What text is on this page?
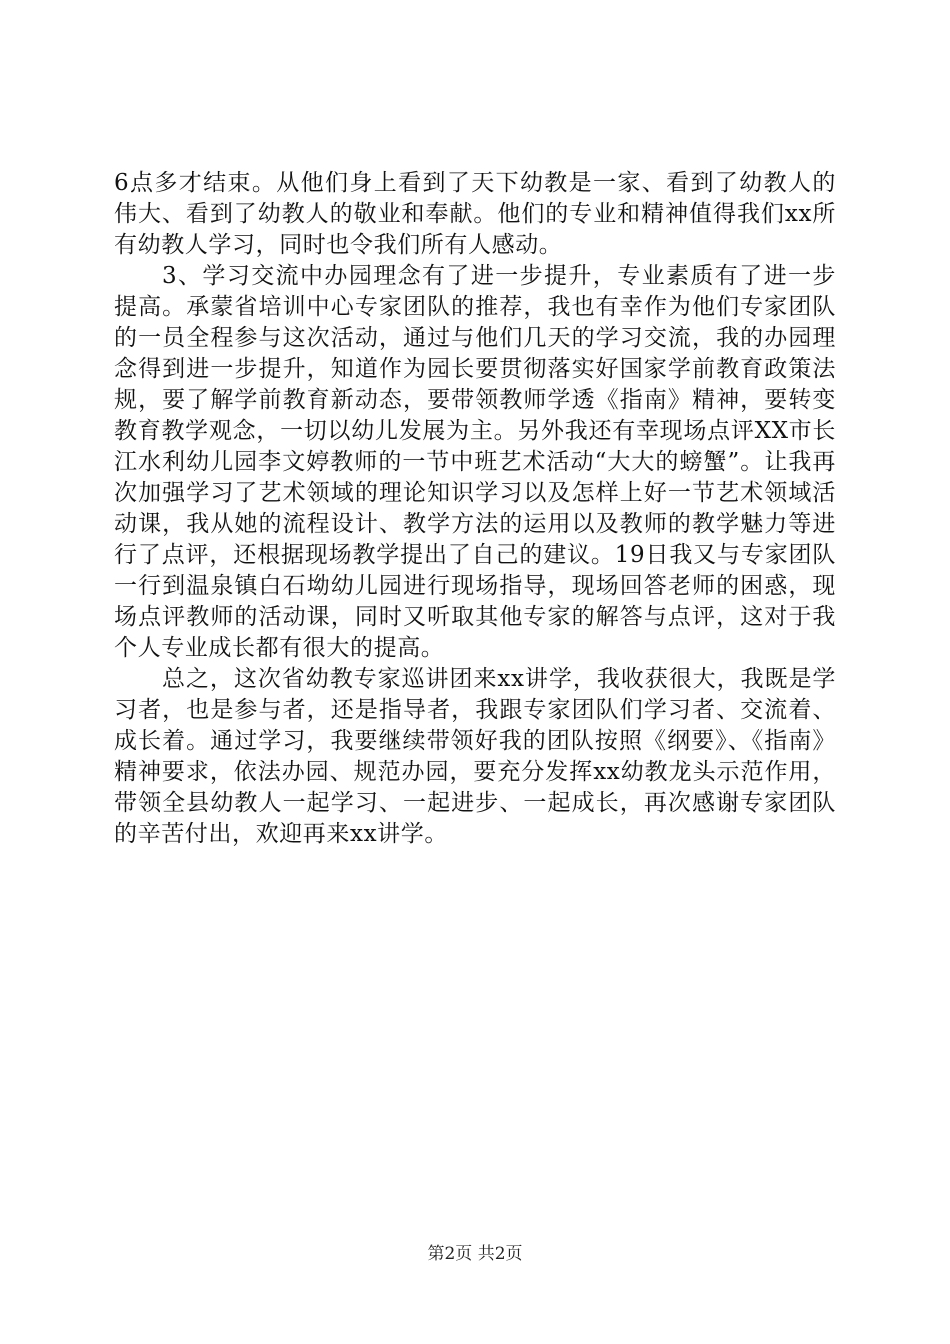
6点多才结束。从他们身上看到了天下幼教是一家、看到了幼教人的伟大、看到了幼教人的敬业和奉献。他们的专业和精神值得我们xx所有幼教人学习，同时也令我们所有人感动。

3、学习交流中办园理念有了进一步提升，专业素质有了进一步提高。承蒙省培训中心专家团队的推荐，我也有幸作为他们专家团队的一员全程参与这次活动，通过与他们几天的学习交流，我的办园理念得到进一步提升，知道作为园长要贯彻落实好国家学前教育政策法规，要了解学前教育新动态，要带领教师学透《指南》精神，要转变教育教学观念，一切以幼儿发展为主。另外我还有幸现场点评XX市长江水利幼儿园李文婷教师的一节中班艺术活动“大大的螃蟹”。让我再次加强学习了艺术领域的理论知识学习以及怎样上好一节艺术领域活动课，我从她的流程设计、教学方法的运用以及教师的教学魅力等进行了点评，还根据现场教学提出了自己的建议。19日我又与专家团队一行到温泉镇白石坳幼儿园进行现场指导，现场回答老师的困惑，现场点评教师的活动课，同时又听取其他专家的解答与点评，这对于我个人专业成长都有很大的提高。

总之，这次省幼教专家巡讲团来xx讲学，我收获很大，我既是学习者，也是参与者，还是指导者，我跟专家团队们学习者、交流着、成长着。通过学习，我要继续带领好我的团队按照《纲要》、《指南》精神要求，依法办园、规范办园，要充分发挥xx幼教龙头示范作用，带领全县幼教人一起学习、一起进步、一起成长，再次感谢专家团队的辛苦付出，欢迎再来xx讲学。

第2页 共2页
